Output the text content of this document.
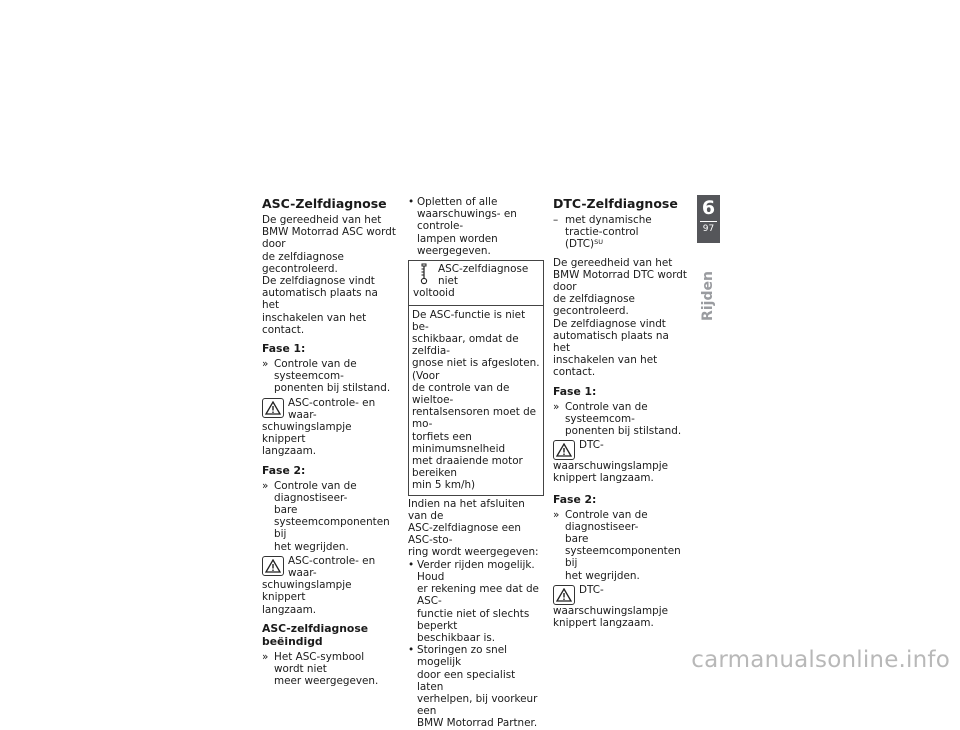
ASC-Zelfdiagnose

De gereedheid van het
BMW Motorrad ASC wordt door
de zelfdiagnose gecontroleerd.
De zelfdiagnose vindt
automatisch plaats na het
inschakelen van het contact.

Fase 1:
» Controle van de systeemcom-
ponenten bij stilstand.
ASC-controle- en waar-
schuwingslampje knippert

langzaam.

Fase 2:
» Controle van de diagnostiseer-
bare systeemcomponenten bij
het wegrijden.
ASC-controle- en waar-
schuwingslampje knippert

langzaam.

ASC-zelfdiagnose beëindigd
» Het ASC-symbool wordt niet
meer weergegeven.
• Opletten of alle
waarschuwings- en controle-
lampen worden weergegeven.
ASC-zelfdiagnose niet
voltooid
De ASC-functie is niet be-
schikbaar, omdat de zelfdia-
gnose niet is afgesloten. (Voor
de controle van de wieltoe-
rentalsensoren moet de mo-
torfiets een minimumsnelheid
met draaiende motor bereiken
min 5 km/h)

Indien na het afsluiten van de
ASC-zelfdiagnose een ASC-sto-
ring wordt weergegeven:

• Verder rijden mogelijk. Houd
er rekening mee dat de ASC-
functie niet of slechts beperkt
beschikbaar is.
• Storingen zo snel mogelijk
door een specialist laten
verhelpen, bij voorkeur een
BMW Motorrad Partner.
DTC-Zelfdiagnose
– met dynamische tractie-control
(DTC)$^{SU}$

De gereedheid van het
BMW Motorrad DTC wordt door
de zelfdiagnose gecontroleerd.
De zelfdiagnose vindt
automatisch plaats na het
inschakelen van het contact.

Fase 1:
» Controle van de systeemcom-
ponenten bij stilstand.
DTC-waarschuwingslampje
knippert langzaam.
Fase 2:
» Controle van de diagnostiseer-
bare systeemcomponenten bij
het wegrijden.
DTC-waarschuwingslampje
knippert langzaam.
6
97
Rijden
carmanualsonline.info
